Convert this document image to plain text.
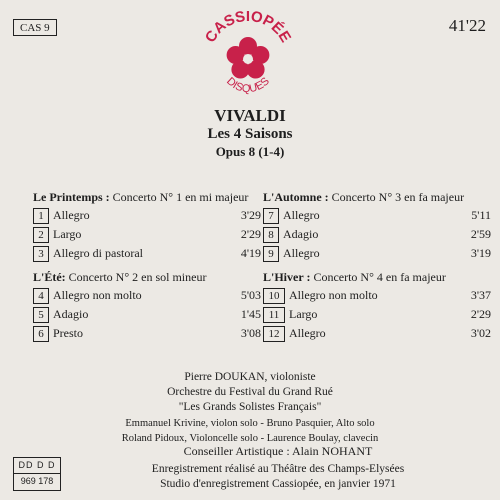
CAS 9	41'22
CASSIOPÉE
DISQUES
VIVALDI
Les 4 Saisons
Opus 8 (1-4)
Le Printemps : Concerto N° 1 en mi majeur
1 Allegro	3'29
2 Largo	2'29
3 Allegro di pastoral	4'19
L'Été: Concerto N° 2 en sol mineur
4 Allegro non molto	5'03
5 Adagio	1'45
6 Presto	3'08
L'Automne : Concerto N° 3 en fa majeur
7 Allegro	5'11
8 Adagio	2'59
9 Allegro	3'19
L'Hiver : Concerto N° 4 en fa majeur
10 Allegro non molto	3'37
11 Largo	2'29
12 Allegro	3'02
Pierre DOUKAN, violoniste
Orchestre du Festival du Grand Rué
"Les Grands Solistes Français"
Emmanuel Krivine, violon solo - Bruno Pasquier, Alto solo
Roland Pidoux, Violoncelle solo - Laurence Boulay, clavecin
Conseiller Artistique : Alain NOHANT
Enregistrement réalisé au Théâtre des Champs-Elysées
Studio d'enregistrement Cassiopée, en janvier 1971
DD D D
969 178
